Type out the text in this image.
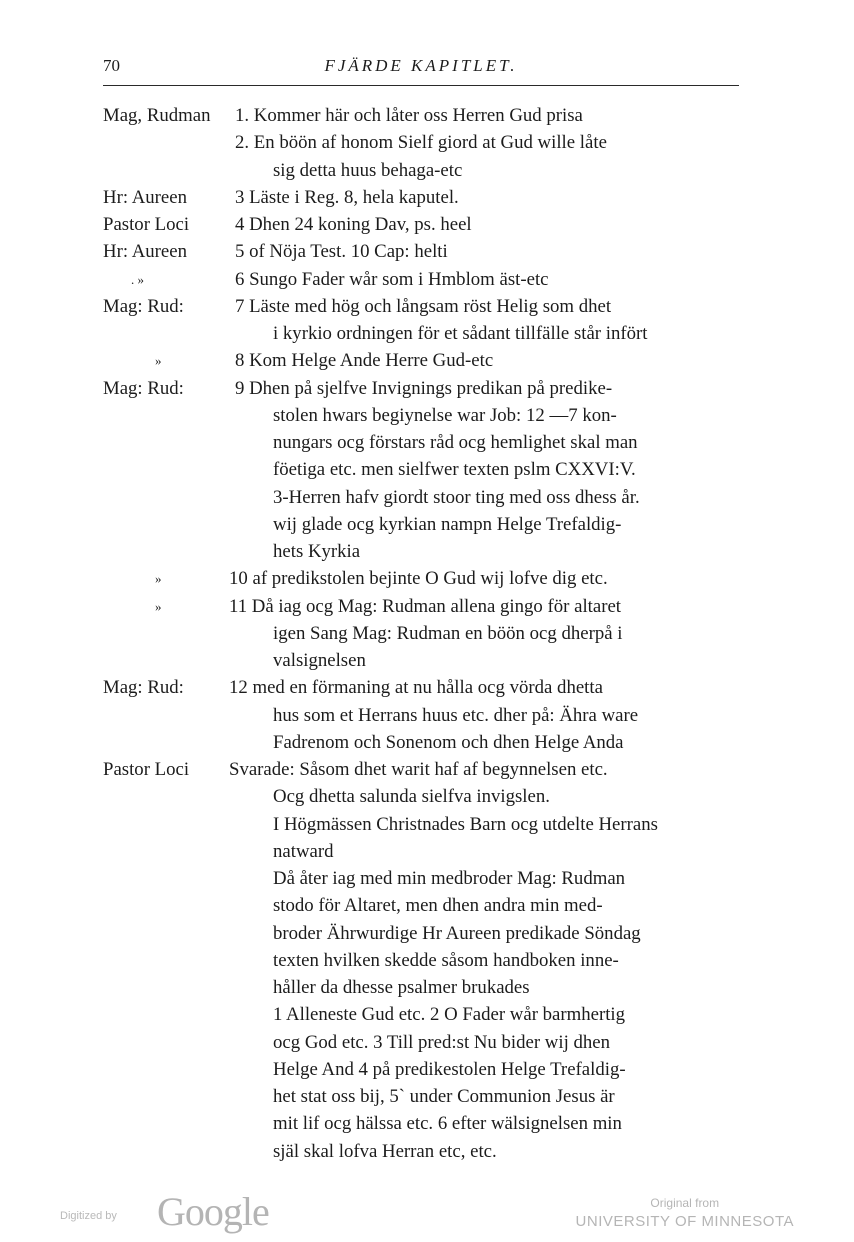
70	FJÄRDE KAPITLET.
Mag, Rudman	1. Kommer här och låter oss Herren Gud prisa
2. En böön af honom Sielf giord at Gud wille låte
sig detta huus behaga-etc
Hr: Aureen	3 Läste i Reg. 8, hela kaputel.
Pastor Loci	4 Dhen 24 koning Dav, ps. heel
Hr: Aureen	5 of Nöja Test. 10 Cap: helti
. »	6 Sungo Fader wår som i Hmblom äst-etc
Mag: Rud:	7 Läste med hög och långsam röst Helig som dhet
i kyrkio ordningen för et sådant tillfälle står infört
»	8 Kom Helge Ande Herre Gud-etc
Mag: Rud:	9 Dhen på sjelfve Invignings predikan på predike-
stolen hwars begiynelse war Job: 12 —7 kon-
nungars ocg förstars råd ocg hemlighet skal man
föetiga etc. men sielfwer texten pslm CXXVI:V.
3-Herren hafv giordt stoor ting med oss dhess år.
wij glade ocg kyrkian nampn Helge Trefaldig-
hets Kyrkia
»	10 af predikstolen bejinte O Gud wij lofve dig etc.
»	11 Då iag ocg Mag: Rudman allena gingo för altaret
igen Sang Mag: Rudman en böön ocg dherpå i
valsignelsen
Mag: Rud:	12 med en förmaning at nu hålla ocg vörda dhetta
hus som et Herrans huus etc. dher på: Ähra ware
Fadrenom och Sonenom och dhen Helge Anda
Pastor Loci	Svarade: Såsom dhet warit haf af begynnelsen etc.
Ocg dhetta salunda sielfva invigslen.
I Högmässen Christnades Barn ocg utdelte Herrans
natward
Då åter iag med min medbroder Mag: Rudman
stodo för Altaret, men dhen andra min med-
broder Ährwurdige Hr Aureen predikade Söndag
texten hvilken skedde såsom handboken inne-
håller da dhesse psalmer brukades
1 Alleneste Gud etc. 2 O Fader wår barmhertig
ocg God etc. 3 Till pred:st Nu bider wij dhen
Helge And 4 på predikestolen Helge Trefaldig-
het stat oss bij, 5` under Communion Jesus är
mit lif ocg hälssa etc. 6 efter wälsignelsen min
själ skal lofva Herran etc, etc.
Digitized by Google	Original from
UNIVERSITY OF MINNESOTA
